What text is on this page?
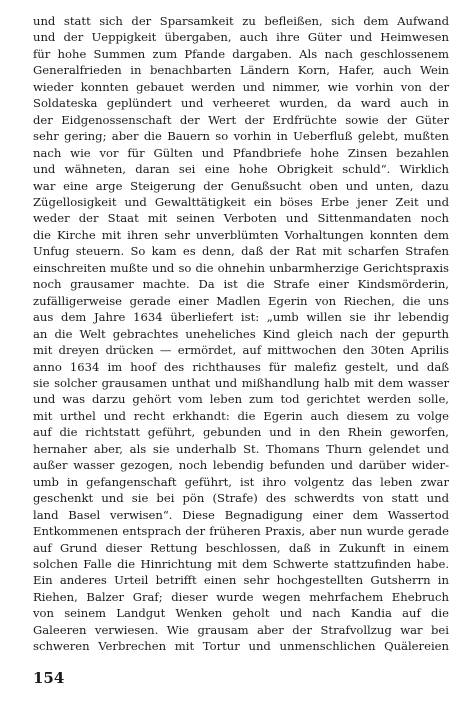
und statt sich der Sparsamkeit zu befleißen, sich dem Aufwand
und der Ueppigkeit übergaben, auch ihre Güter und Heimwesen
für hohe Summen zum Pfande dargaben. Als nach geschlossenem
Generalfrieden in benachbarten Ländern Korn, Hafer, auch Wein
wieder konnten gebauet werden und nimmer, wie vorhin von der
Soldateska geplündert und verheeret wurden, da ward auch in
der Eidgenossenschaft der Wert der Erdfrüchte sowie der Güter
sehr gering; aber die Bauern so vorhin in Ueberfluß gelebt, mußten
nach wie vor für Gülten und Pfandbriefe hohe Zinsen bezahlen
und wähneten, daran sei eine hohe Obrigkeit schuld“. Wirklich
war eine arge Steigerung der Genußsucht oben und unten, dazu
Zügellosigkeit und Gewalttätigkeit ein böses Erbe jener Zeit und
weder der Staat mit seinen Verboten und Sittenmandaten noch
die Kirche mit ihren sehr unverblümten Vorhaltungen konnten dem
Unfug steuern. So kam es denn, daß der Rat mit scharfen Strafen
einschreiten mußte und so die ohnehin unbarmherzige Gerichtspraxis
noch grausamer machte. Da ist die Strafe einer Kindsmörderin,
zufälligerweise gerade einer Madlen Egerin von Riechen, die uns
aus dem Jahre 1634 überliefert ist: „umb willen sie ihr lebendig
an die Welt gebrachtes uneheliches Kind gleich nach der gepurth
mit dreyen drücken — ermördet, auf mittwochen den 30ten Aprilis
anno 1634 im hoof des richthauses für malefiz gestelt, und daß
sie solcher grausamen unthat und mißhandlung halb mit dem wasser
und was darzu gehört vom leben zum tod gerichtet werden solle,
mit urthel und recht erkhandt: die Egerin auch diesem zu volge
auf die richtstatt geführt, gebunden und in den Rhein geworfen,
hernaher aber, als sie underhalb St. Thomans Thurn gelendet und
außer wasser gezogen, noch lebendig befunden und darüber wider-
umb in gefangenschaft geführt, ist ihro volgentz das leben zwar
geschenkt und sie bei pön (Strafe) des schwerdts von statt und
land Basel verwisen“. Diese Begnadigung einer dem Wassertod
Entkommenen entsprach der früheren Praxis, aber nun wurde gerade
auf Grund dieser Rettung beschlossen, daß in Zukunft in einem
solchen Falle die Hinrichtung mit dem Schwerte stattzufinden habe.
Ein anderes Urteil betrifft einen sehr hochgestellten Gutsherrn in
Riehen, Balzer Graf; dieser wurde wegen mehrfachem Ehebruch
von seinem Landgut Wenken geholt und nach Kandia auf die
Galeeren verwiesen. Wie grausam aber der Strafvollzug war bei
schweren Verbrechen mit Tortur und unmenschlichen Quälereien
154
